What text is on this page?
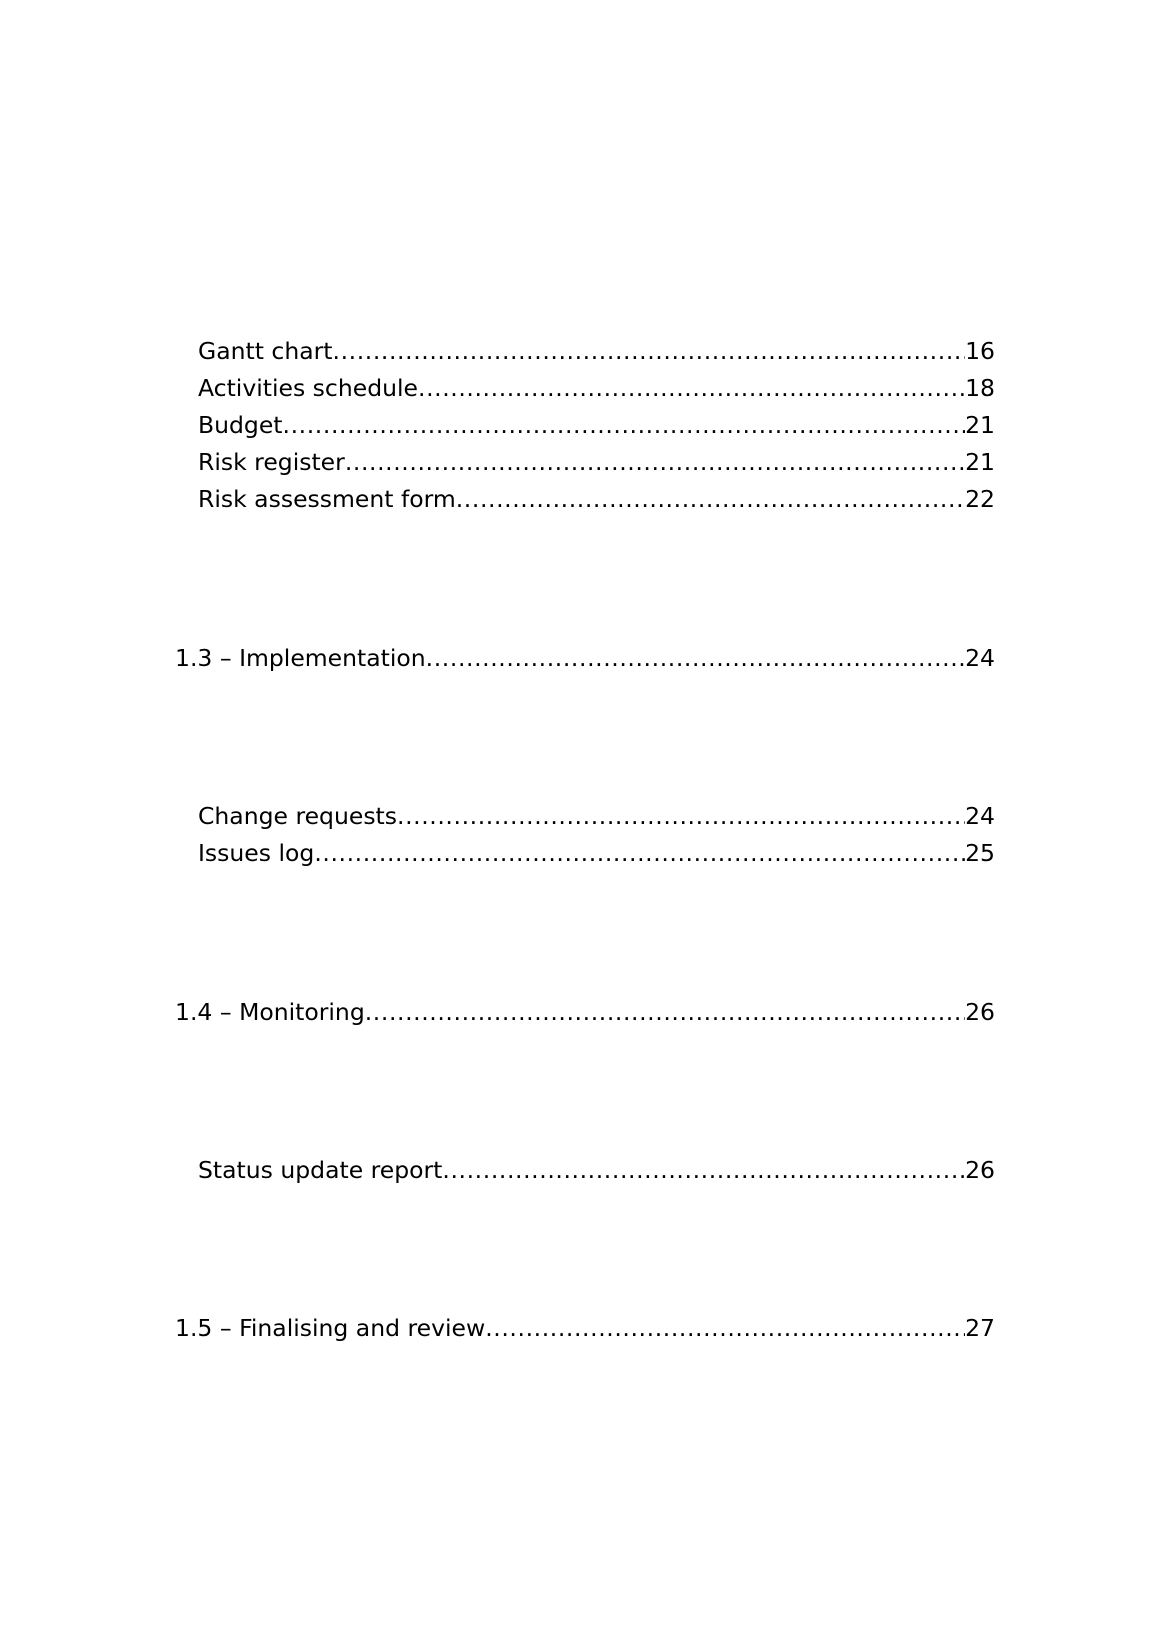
Gantt chart .....	16
Activities schedule .....	18
Budget .....	21
Risk register .....	21
Risk assessment form .....	22
1.3 – Implementation .....	24
Change requests .....	24
Issues log .....	25
1.4 – Monitoring .....	26
Status update report .....	26
1.5 – Finalising and review .....	27
